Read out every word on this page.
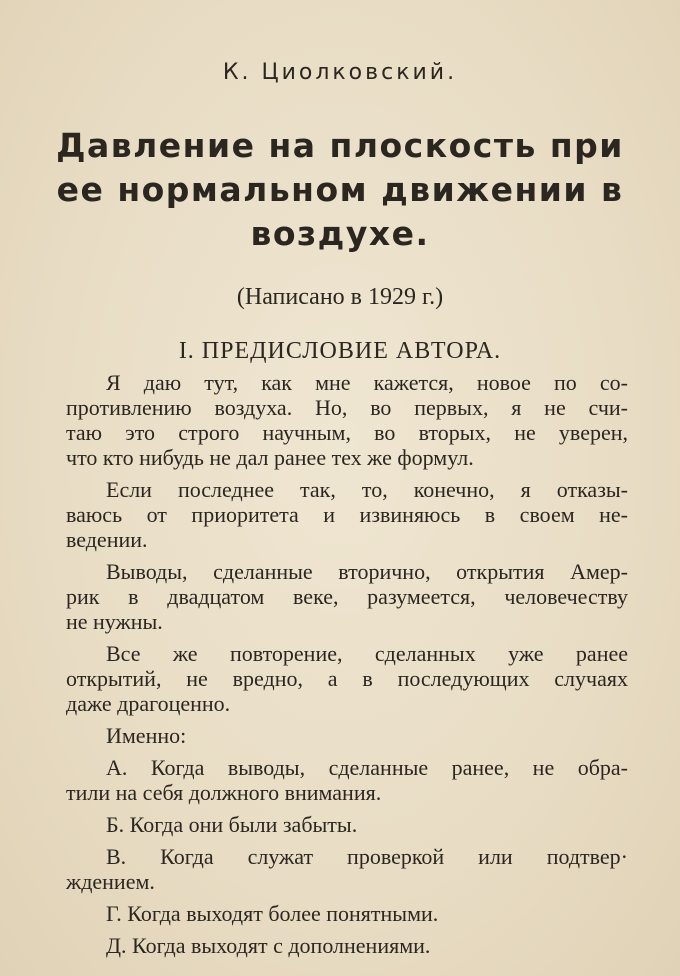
К. Циолковский.
Давление на плоскость при
ее нормальном движении в
воздухе.
(Написано в 1929 г.)
I. ПРЕДИСЛОВИЕ АВТОРА.
Я даю тут, как мне кажется, новое по со-
противлению воздуха. Но, во первых, я не счи-
таю это строго научным, во вторых, не уверен,
что кто нибудь не дал ранее тех же формул.
Если последнее так, то, конечно, я отказы-
ваюсь от приоритета и извиняюсь в своем не-
ведении.
Выводы, сделанные вторично, открытия Амер-
рик в двадцатом веке, разумеется, человечеству
не нужны.
Все же повторение, сделанных уже ранее
открытий, не вредно, а в последующих случаях
даже драгоценно.
Именно:
А. Когда выводы, сделанные ранее, не обра-
тили на себя должного внимания.
Б. Когда они были забыты.
В. Когда служат проверкой или подтвер·
ждением.
Г. Когда выходят более понятными.
Д. Когда выходят с дополнениями.
